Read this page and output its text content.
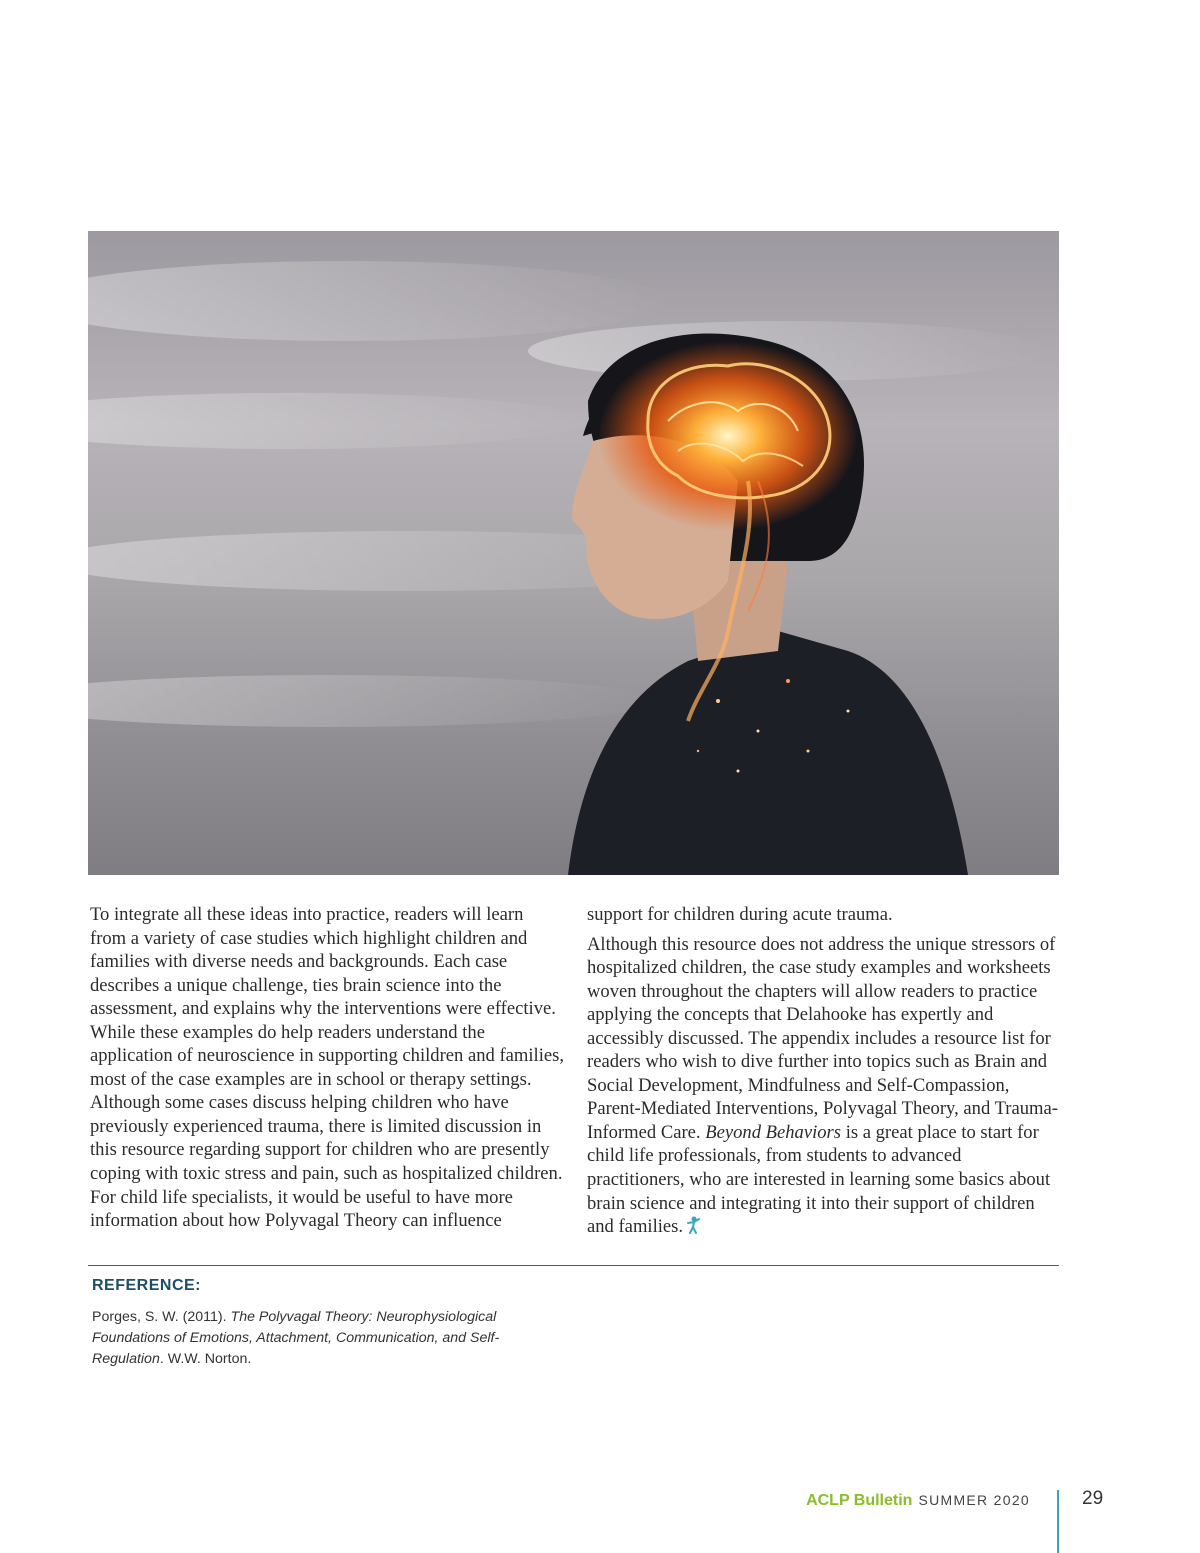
To integrate all these ideas into practice, readers will learn from a variety of case studies which highlight children and families with diverse needs and backgrounds. Each case describes a unique challenge, ties brain science into the assessment, and explains why the interventions were effective. While these examples do help readers understand the application of neuroscience in supporting children and families, most of the case examples are in school or therapy settings. Although some cases discuss helping children who have previously experienced trauma, there is limited discussion in this resource regarding support for children who are presently coping with toxic stress and pain, such as hospitalized children. For child life specialists, it would be useful to have more information about how Polyvagal Theory can influence

support for children during acute trauma.

Although this resource does not address the unique stressors of hospitalized children, the case study examples and worksheets woven throughout the chapters will allow readers to practice applying the concepts that Delahooke has expertly and accessibly discussed. The appendix includes a resource list for readers who wish to dive further into topics such as Brain and Social Development, Mindfulness and Self-Compassion, Parent-Mediated Interventions, Polyvagal Theory, and Trauma-Informed Care. Beyond Behaviors is a great place to start for child life professionals, from students to advanced practitioners, who are interested in learning some basics about brain science and integrating it into their support of children and families.

REFERENCE:
Porges, S. W. (2011). The Polyvagal Theory: Neurophysiological Foundations of Emotions, Attachment, Communication, and Self-Regulation. W.W. Norton.
ACLP Bulletin SUMMER 2020	29
